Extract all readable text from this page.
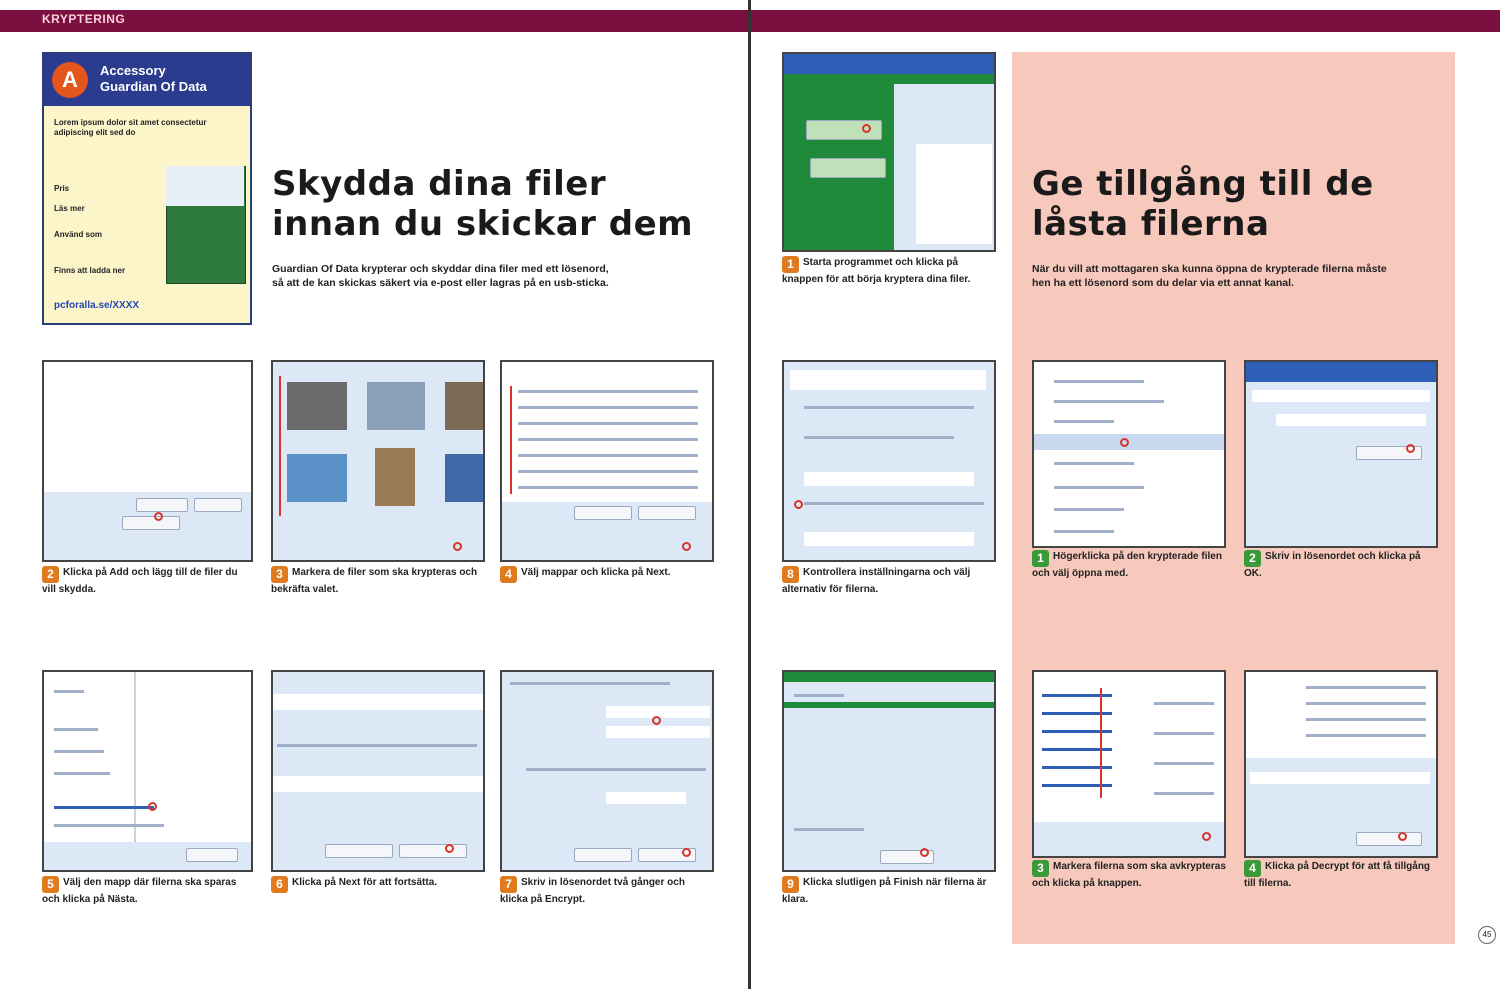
KRYPTERING
A	Accessory
Guardian Of Data
Lorem ipsum dolor sit amet consectetur adipiscing elit sed do
Pris
Läs mer
Använd som
Finns att ladda ner
pcforalla.se/XXXX
Skydda dina filer
innan du skickar dem
Guardian Of Data krypterar och skyddar dina filer med ett lösenord, så att de kan skickas säkert via e-post eller lagras på en usb-sticka.
Ge tillgång till de
låsta filerna
När du vill att mottagaren ska kunna öppna de krypterade filerna måste hen ha ett lösenord som du delar via ett annat kanal.
2 Klicka på Add och lägg till de filer du vill skydda.
3 Markera de filer som ska krypteras och bekräfta valet.
4 Välj mappar och klicka på Next.
1 Starta programmet och klicka på knappen för att börja kryptera dina filer.
8 Kontrollera inställningarna och välj alternativ för filerna.
1 Högerklicka på den krypterade filen och välj öppna med.
2 Skriv in lösenordet och klicka på OK.
5 Välj den mapp där filerna ska sparas och klicka på Nästa.
6 Klicka på Next för att fortsätta.	7 Skriv in lösenordet två gånger och klicka på Encrypt.
9 Klicka slutligen på Finish när filerna är klara.
3 Markera filerna som ska avkrypteras och klicka på knappen.
4 Klicka på Decrypt för att få tillgång till filerna.
45
